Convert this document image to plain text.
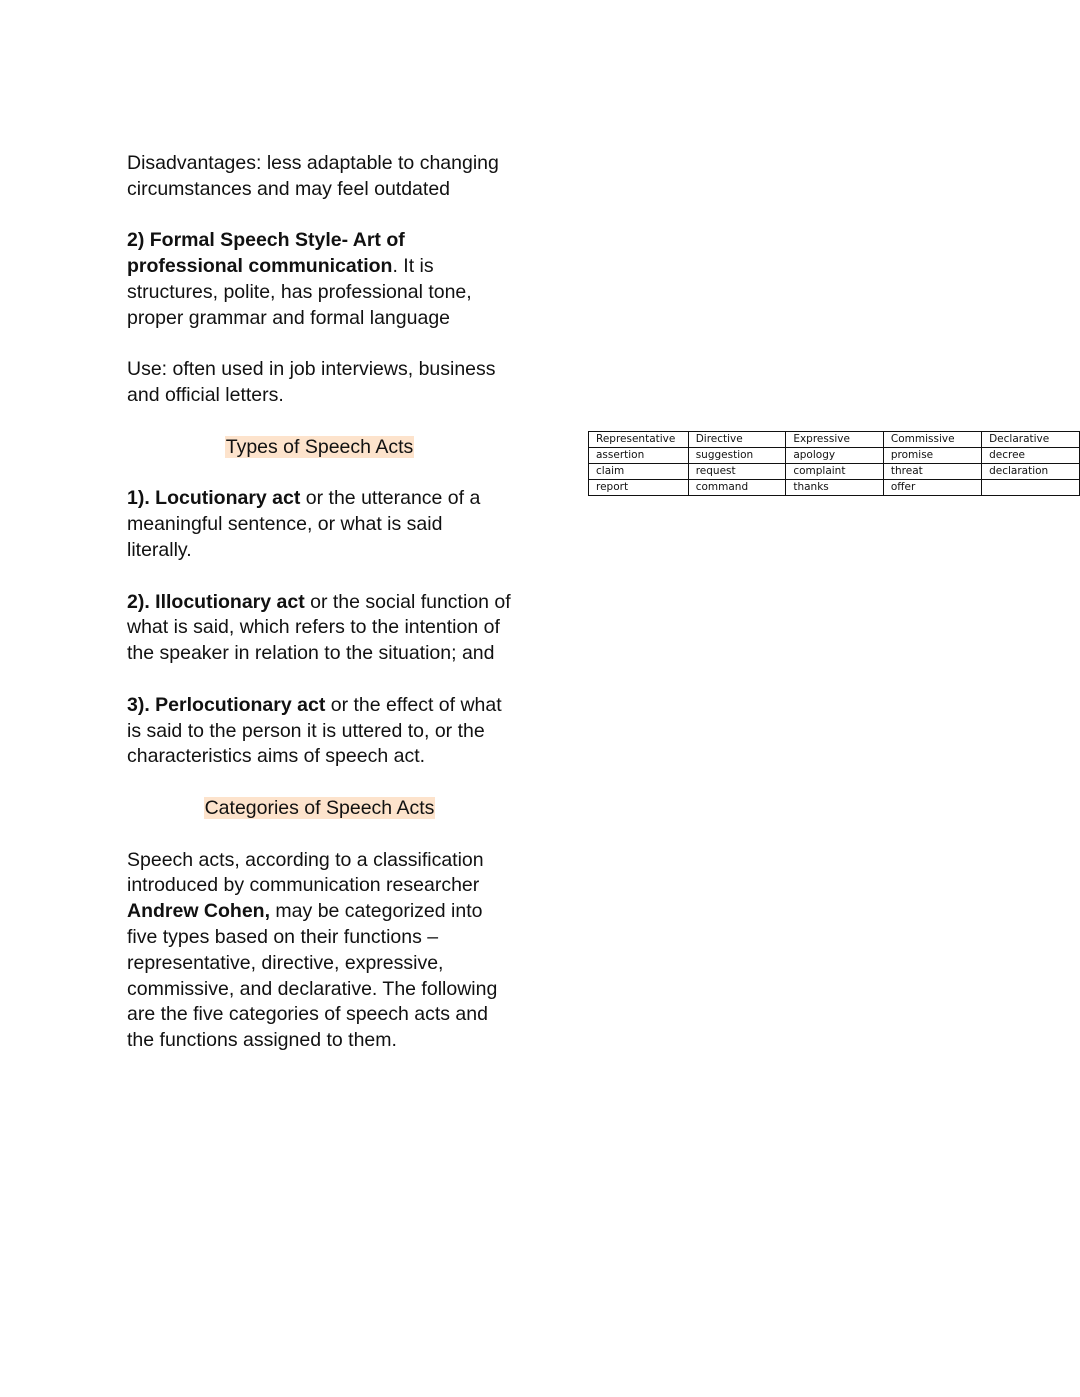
Disadvantages: less adaptable to changing circumstances and may feel outdated

2) Formal Speech Style- Art of professional communication. It is structures, polite, has professional tone, proper grammar and formal language

Use: often used in job interviews, business and official letters.

Types of Speech Acts

1). Locutionary act or the utterance of a meaningful sentence, or what is said literally.

2). Illocutionary act or the social function of what is said, which refers to the intention of the speaker in relation to the situation; and

3). Perlocutionary act or the effect of what is said to the person it is uttered to, or the characteristics aims of speech act.

Categories of Speech Acts

Speech acts, according to a classification introduced by communication researcher Andrew Cohen, may be categorized into five types based on their functions – representative, directive, expressive, commissive, and declarative. The following are the five categories of speech acts and the functions assigned to them.

Representative	Directive	Expressive	Commissive	Declarative
assertion	suggestion	apology	promise	decree
claim	request	complaint	threat	declaration
report	command	thanks	offer	
